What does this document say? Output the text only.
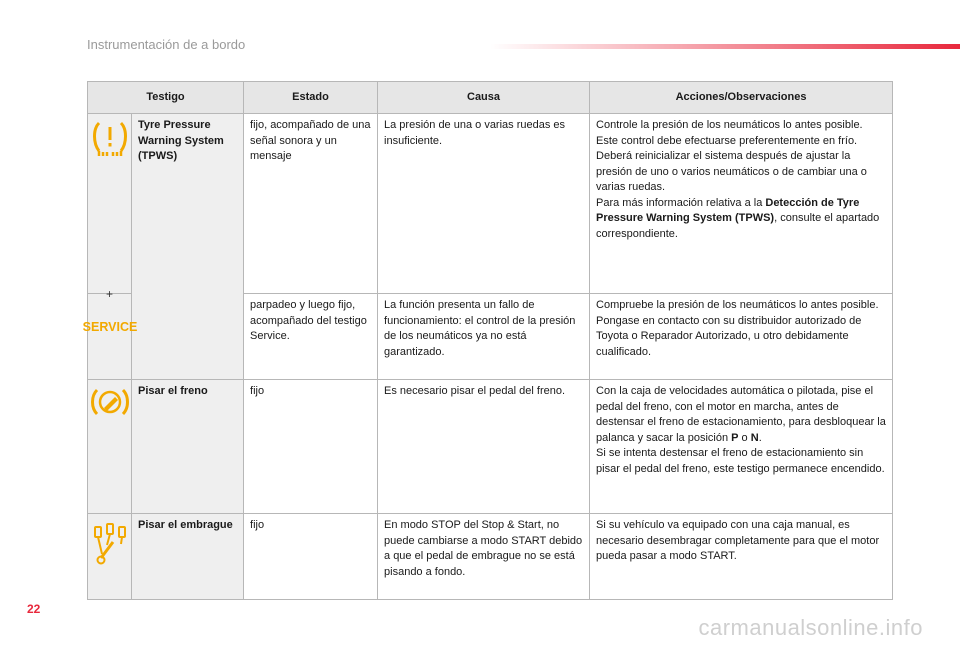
Instrumentación de a bordo
Testigo		Estado	Causa	Acciones/Observaciones

	Tyre Pressure Warning System (TPWS)	fijo, acompañado de una señal sonora y un mensaje	La presión de una o varias ruedas es insuficiente.	Controle la presión de los neumáticos lo antes posible.
Este control debe efectuarse preferentemente en frío.
Deberá reinicializar el sistema después de ajustar la presión de uno o varios neumáticos o de cambiar una o varias ruedas.
Para más información relativa a la Detección de Tyre Pressure Warning System (TPWS), consulte el apartado correspondiente.

+
SERVICE		parpadeo y luego fijo, acompañado del testigo Service.	La función presenta un fallo de funcionamiento: el control de la presión de los neumáticos ya no está garantizado.	Compruebe la presión de los neumáticos lo antes posible.
Pongase en contacto con su distribuidor autorizado de Toyota o Reparador Autorizado, u otro debidamente cualificado.

	Pisar el freno	fijo	Es necesario pisar el pedal del freno.	Con la caja de velocidades automática o pilotada, pise el pedal del freno, con el motor en marcha, antes de destensar el freno de estacionamiento, para desbloquear la palanca y sacar la posición P o N.
Si se intenta destensar el freno de estacionamiento sin pisar el pedal del freno, este testigo permanece encendido.

	Pisar el embrague	fijo	En modo STOP del Stop & Start, no puede cambiarse a modo START debido a que el pedal de embrague no se está pisando a fondo.	Si su vehículo va equipado con una caja manual, es necesario desembragar completamente para que el motor pueda pasar a modo START.
22
carmanualsonline.info
